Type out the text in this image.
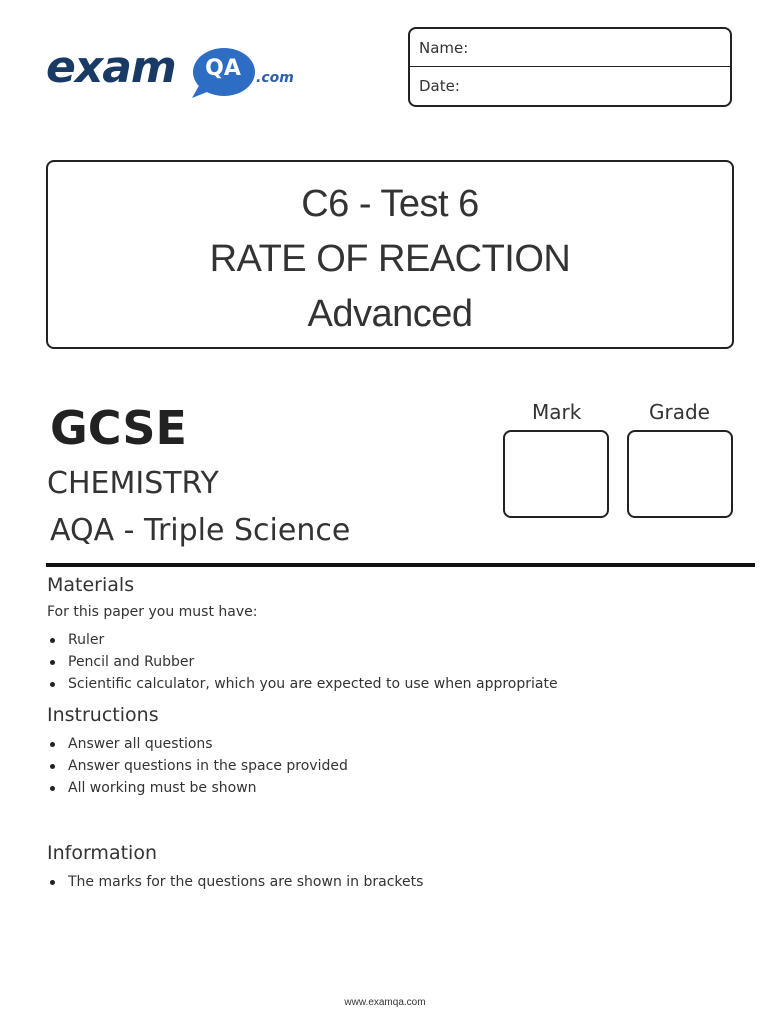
exam	QA	.com
Name:
Date:
C6 - Test 6
RATE OF REACTION
Advanced
GCSE
CHEMISTRY
AQA - Triple Science
Mark	Grade
Materials
For this paper you must have:
Ruler
Pencil and Rubber
Scientific calculator, which you are expected to use when appropriate
Instructions
Answer all questions
Answer questions in the space provided
All working must be shown
Information
The marks for the questions are shown in brackets
www.examqa.com
